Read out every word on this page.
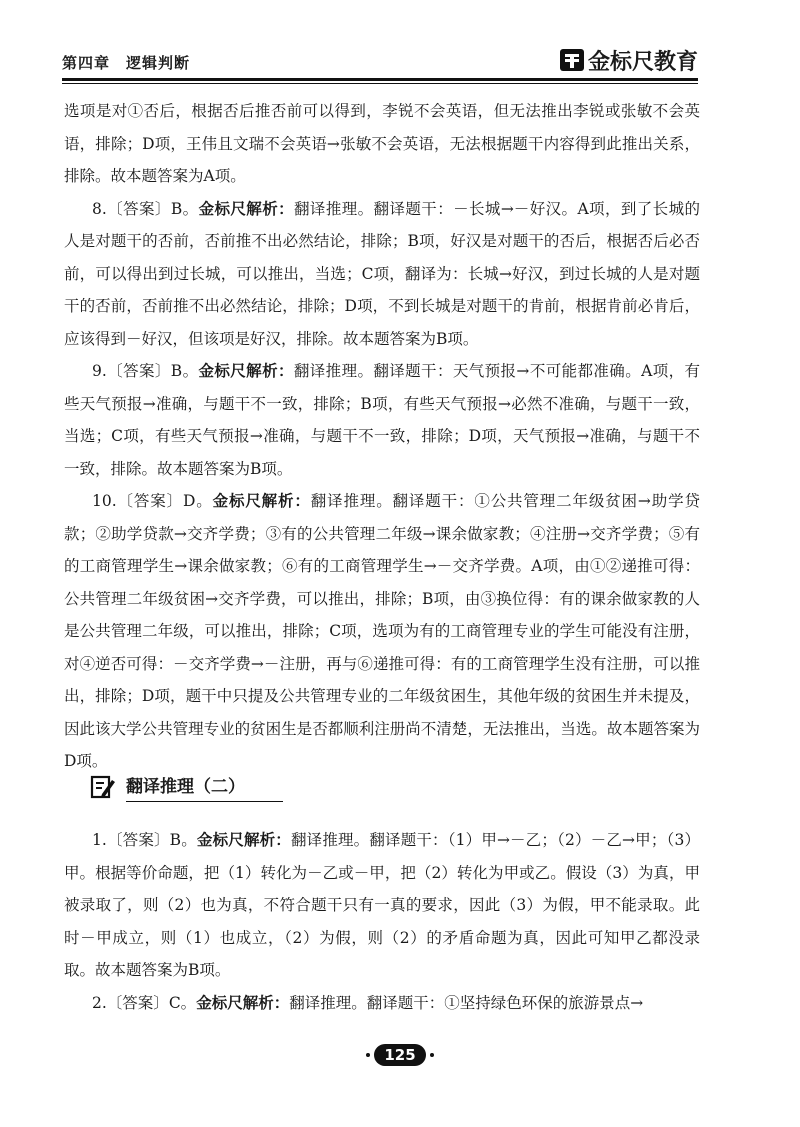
第四章　逻辑判断	金标尺教育

选项是对①否后，根据否后推否前可以得到，李锐不会英语，但无法推出李锐或张敏不会英语，排除；D项，王伟且文瑞不会英语→张敏不会英语，无法根据题干内容得到此推出关系，排除。故本题答案为A项。

8.〔答案〕B。金标尺解析：翻译推理。翻译题干：－长城→－好汉。A项，到了长城的人是对题干的否前，否前推不出必然结论，排除；B项，好汉是对题干的否后，根据否后必否前，可以得出到过长城，可以推出，当选；C项，翻译为：长城→好汉，到过长城的人是对题干的否前，否前推不出必然结论，排除；D项，不到长城是对题干的肯前，根据肯前必肯后，应该得到－好汉，但该项是好汉，排除。故本题答案为B项。

9.〔答案〕B。金标尺解析：翻译推理。翻译题干：天气预报→不可能都准确。A项，有些天气预报→准确，与题干不一致，排除；B项，有些天气预报→必然不准确，与题干一致，当选；C项，有些天气预报→准确，与题干不一致，排除；D项，天气预报→准确，与题干不一致，排除。故本题答案为B项。

10.〔答案〕D。金标尺解析：翻译推理。翻译题干：①公共管理二年级贫困→助学贷款；②助学贷款→交齐学费；③有的公共管理二年级→课余做家教；④注册→交齐学费；⑤有的工商管理学生→课余做家教；⑥有的工商管理学生→－交齐学费。A项，由①②递推可得：公共管理二年级贫困→交齐学费，可以推出，排除；B项，由③换位得：有的课余做家教的人是公共管理二年级，可以推出，排除；C项，选项为有的工商管理专业的学生可能没有注册，对④逆否可得：－交齐学费→－注册，再与⑥递推可得：有的工商管理学生没有注册，可以推出，排除；D项，题干中只提及公共管理专业的二年级贫困生，其他年级的贫困生并未提及，因此该大学公共管理专业的贫困生是否都顺利注册尚不清楚，无法推出，当选。故本题答案为D项。

翻译推理（二）

1.〔答案〕B。金标尺解析：翻译推理。翻译题干：（1）甲→－乙；（2）－乙→甲；（3）甲。根据等价命题，把（1）转化为－乙或－甲，把（2）转化为甲或乙。假设（3）为真，甲被录取了，则（2）也为真，不符合题干只有一真的要求，因此（3）为假，甲不能录取。此时－甲成立，则（1）也成立，（2）为假，则（2）的矛盾命题为真，因此可知甲乙都没录取。故本题答案为B项。

2.〔答案〕C。金标尺解析：翻译推理。翻译题干：①坚持绿色环保的旅游景点→

125
